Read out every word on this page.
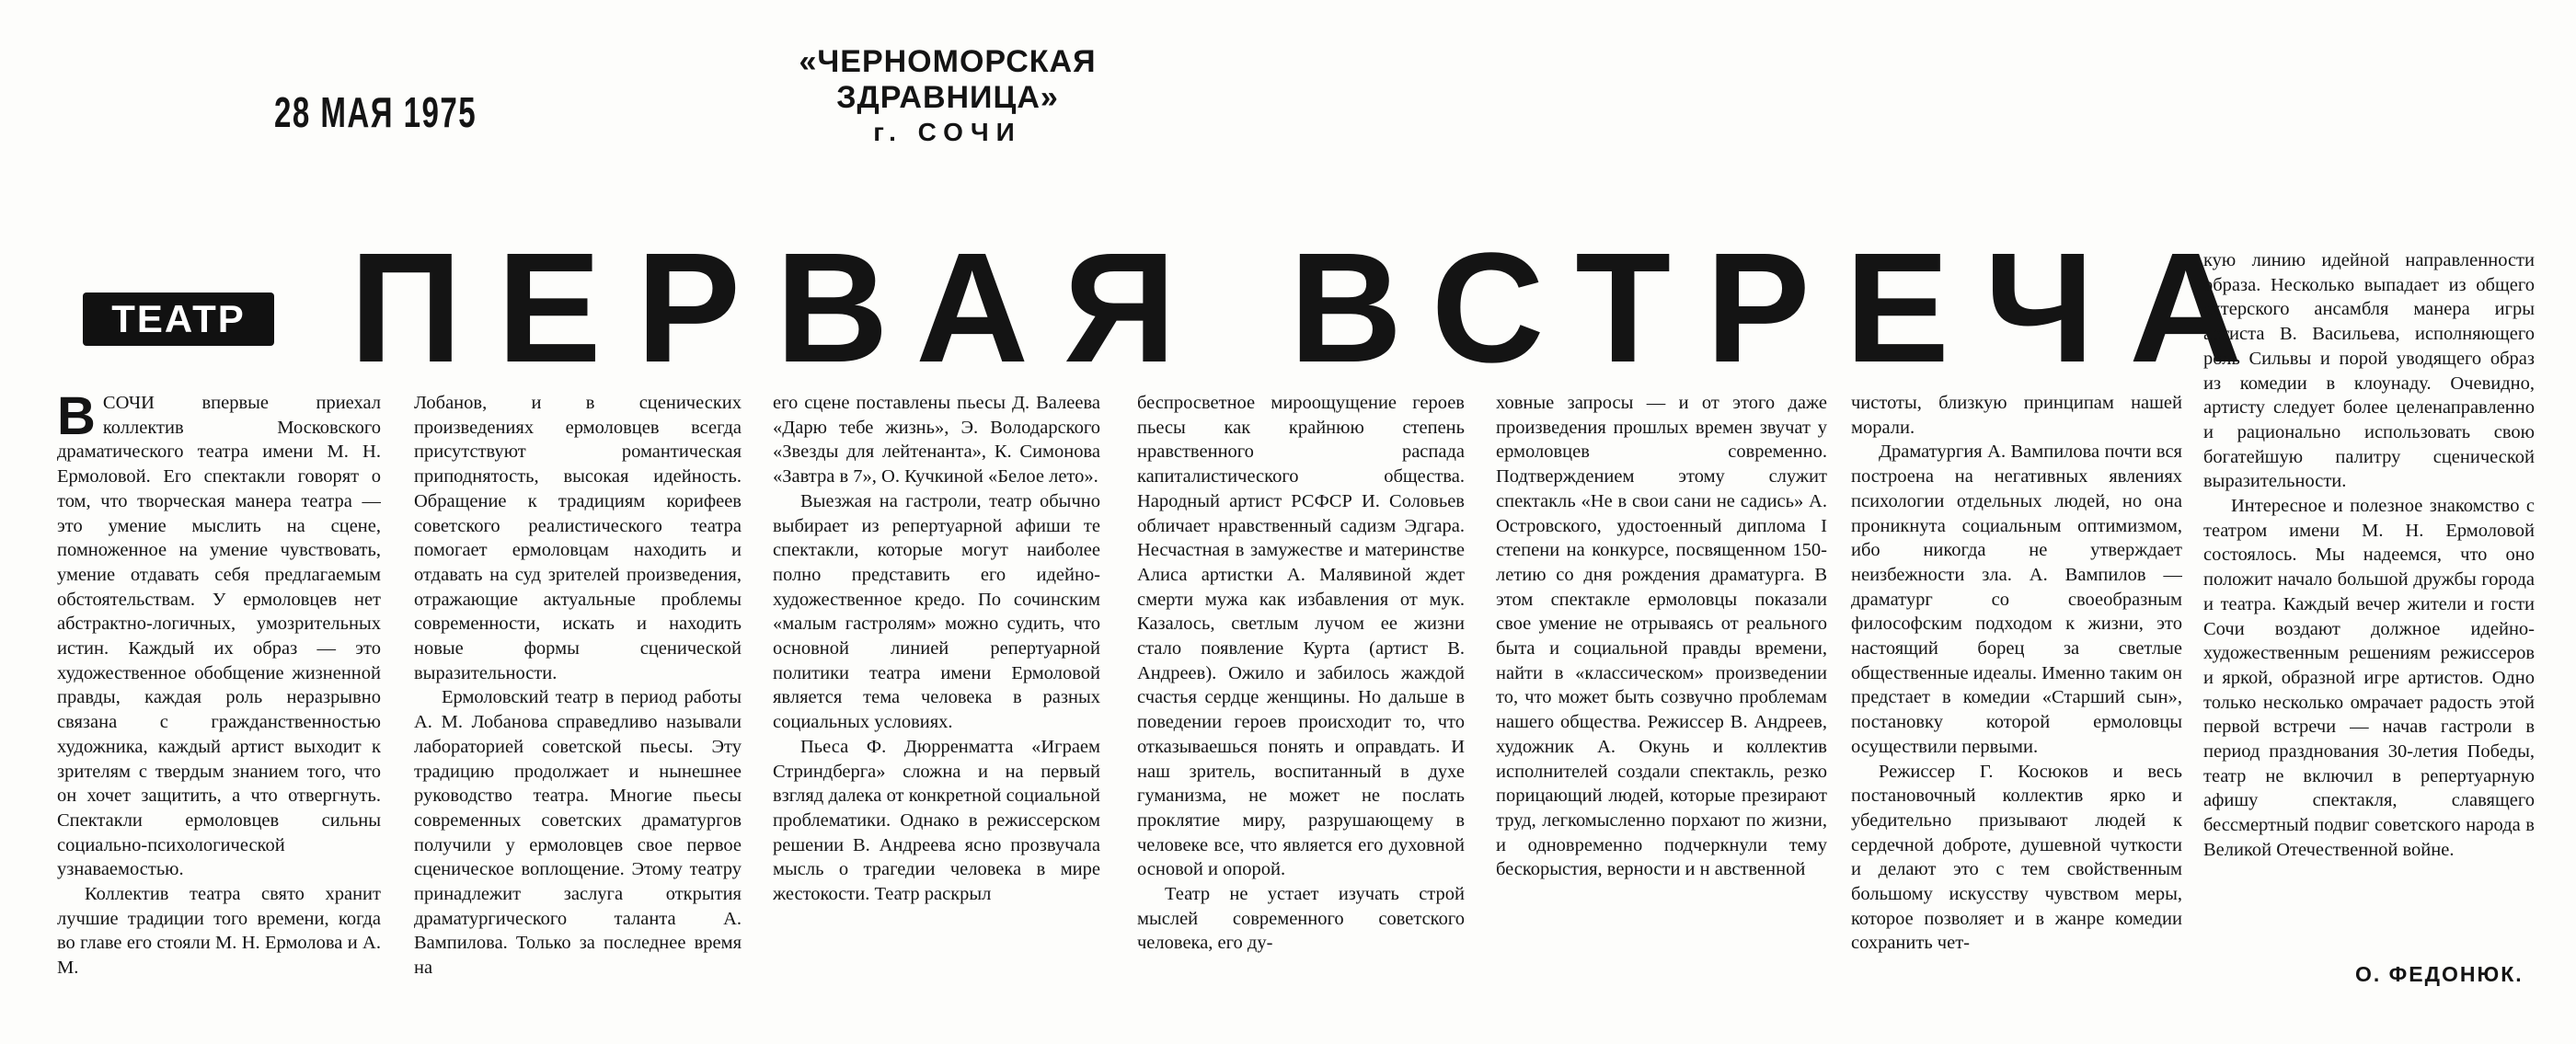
«ЧЕРНОМОРСКАЯ ЗДРАВНИЦА»
г. СОЧИ
28 МАЯ 1975
ТЕАТР ПЕРВАЯ ВСТРЕЧА
В СОЧИ впервые приехал коллектив Московского драматического театра имени М. Н. Ермоловой. Его спектакли говорят о том, что творческая манера театра — это умение мыслить на сцене, помноженное на умение чувствовать, умение отдавать себя предлагаемым обстоятельствам. У ермоловцев нет абстрактно-логичных, умозрительных истин. Каждый их образ — это художественное обобщение жизненной правды, каждая роль неразрывно связана с гражданственностью художника, каждый артист выходит к зрителям с твердым знанием того, что он хочет защитить, а что отвергнуть. Спектакли ермоловцев сильны социально-психологической узнаваемостью.

Коллектив театра свято хранит лучшие традиции того времени, когда во главе его стояли М. Н. Ермолова и А. М.

Лобанов, и в сценических произведениях ермоловцев всегда присутствуют романтическая приподнятость, высокая идейность. Обращение к традициям корифеев советского реалистического театра помогает ермоловцам находить и отдавать на суд зрителей произведения, отражающие актуальные проблемы современности, искать и находить новые формы сценической выразительности.

Ермоловский театр в период работы А. М. Лобанова справедливо называли лабораторией советской пьесы. Эту традицию продолжает и нынешнее руководство театра. Многие пьесы современных советских драматургов получили у ермоловцев свое первое сценическое воплощение. Этому театру принадлежит заслуга открытия драматургического таланта А. Вампилова. Только за последнее время на

его сцене поставлены пьесы Д. Валеева «Дарю тебе жизнь», Э. Володарского «Звезды для лейтенанта», К. Симонова «Завтра в 7», О. Кучкиной «Белое лето».

Выезжая на гастроли, театр обычно выбирает из репертуарной афиши те спектакли, которые могут наиболее полно представить его идейно-художественное кредо. По сочинским «малым гастролям» можно судить, что основной линией репертуарной политики театра имени Ермоловой является тема человека в разных социальных условиях.

Пьеса Ф. Дюрренматта «Играем Стриндберга» сложна и на первый взгляд далека от конкретной социальной проблематики. Однако в режиссерском решении В. Андреева ясно прозвучала мысль о трагедии человека в мире жестокости. Театр раскрыл

беспросветное мироощущение героев пьесы как крайнюю степень нравственного распада капиталистического общества. Народный артист РСФСР И. Соловьев обличает нравственный садизм Эдгара. Несчастная в замужестве и материнстве Алиса артистки А. Малявиной ждет смерти мужа как избавления от мук. Казалось, светлым лучом ее жизни стало появление Курта (артист В. Андреев). Ожило и забилось жаждой счастья сердце женщины. Но дальше в поведении героев происходит то, что отказываешься понять и оправдать. И наш зритель, воспитанный в духе гуманизма, не может не послать проклятие миру, разрушающему в человеке все, что является его духовной основой и опорой.

Театр не устает изучать строй мыслей современного советского человека, его ду-

ховные запросы — и от этого даже произведения прошлых времен звучат у ермоловцев современно. Подтверждением этому служит спектакль «Не в свои сани не садись» А. Островского, удостоенный диплома I степени на конкурсе, посвященном 150-летию со дня рождения драматурга. В этом спектакле ермоловцы показали свое умение не отрываясь от реального быта и социальной правды времени, найти в «классическом» произведении то, что может быть созвучно проблемам нашего общества. Режиссер В. Андреев, художник А. Окунь и коллектив исполнителей создали спектакль, резко порицающий людей, которые презирают труд, легкомысленно порхают по жизни, и одновременно подчеркнули тему бескорыстия, верности и н авственной

чистоты, близкую принципам нашей морали.

Драматургия А. Вампилова почти вся построена на негативных явлениях психологии отдельных людей, но она проникнута социальным оптимизмом, ибо никогда не утверждает неизбежности зла. А. Вампилов — драматург со своеобразным философским подходом к жизни, это настоящий борец за светлые общественные идеалы. Именно таким он предстает в комедии «Старший сын», постановку которой ермоловцы осуществили первыми.

Режиссер Г. Косюков и весь постановочный коллектив ярко и убедительно призывают людей к сердечной доброте, душевной чуткости и делают это с тем свойственным большому искусству чувством меры, которое позволяет и в жанре комедии сохранить чет-

кую линию идейной направленности образа. Несколько выпадает из общего актерского ансамбля манера игры артиста В. Васильева, исполняющего роль Сильвы и порой уводящего образ из комедии в клоунаду. Очевидно, артисту следует более целенаправленно и рационально использовать свою богатейшую палитру сценической выразительности.

Интересное и полезное знакомство с театром имени М. Н. Ермоловой состоялось. Мы надеемся, что оно положит начало большой дружбы города и театра. Каждый вечер жители и гости Сочи воздают должное идейно-художественным решениям режиссеров и яркой, образной игре артистов. Одно только несколько омрачает радость этой первой встречи — начав гастроли в период празднования 30-летия Победы, театр не включил в репертуарную афишу спектакля, славящего бессмертный подвиг советского народа в Великой Отечественной войне.

О. ФЕДОНЮК.
